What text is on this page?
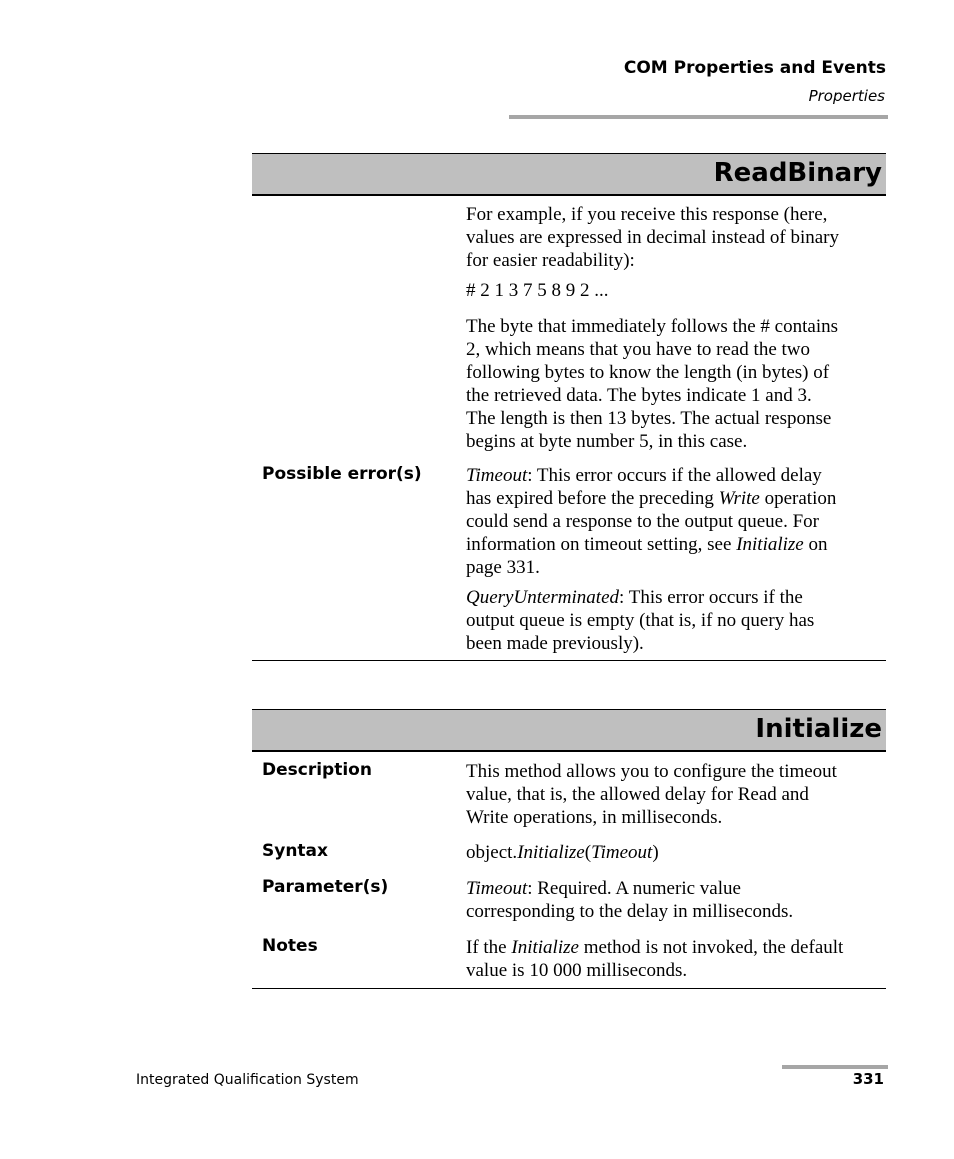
COM Properties and Events
Properties
ReadBinary

For example, if you receive this response (here,
values are expressed in decimal instead of binary
for easier readability):

# 2 1 3 7 5 8 9 2 ...

The byte that immediately follows the # contains
2, which means that you have to read the two
following bytes to know the length (in bytes) of
the retrieved data. The bytes indicate 1 and 3.
The length is then 13 bytes. The actual response
begins at byte number 5, in this case.

Possible error(s) Timeout: This error occurs if the allowed delay
has expired before the preceding Write operation
could send a response to the output queue. For
information on timeout setting, see Initialize on
page 331.

QueryUnterminated: This error occurs if the
output queue is empty (that is, if no query has
been made previously).

Initialize
Description	This method allows you to configure the timeout
value, that is, the allowed delay for Read and
Write operations, in milliseconds.

Syntax	object.Initialize(Timeout)

Parameter(s)	Timeout: Required. A numeric value
corresponding to the delay in milliseconds.

Notes	If the Initialize method is not invoked, the default
value is 10 000 milliseconds.

Integrated Qualification System	331
